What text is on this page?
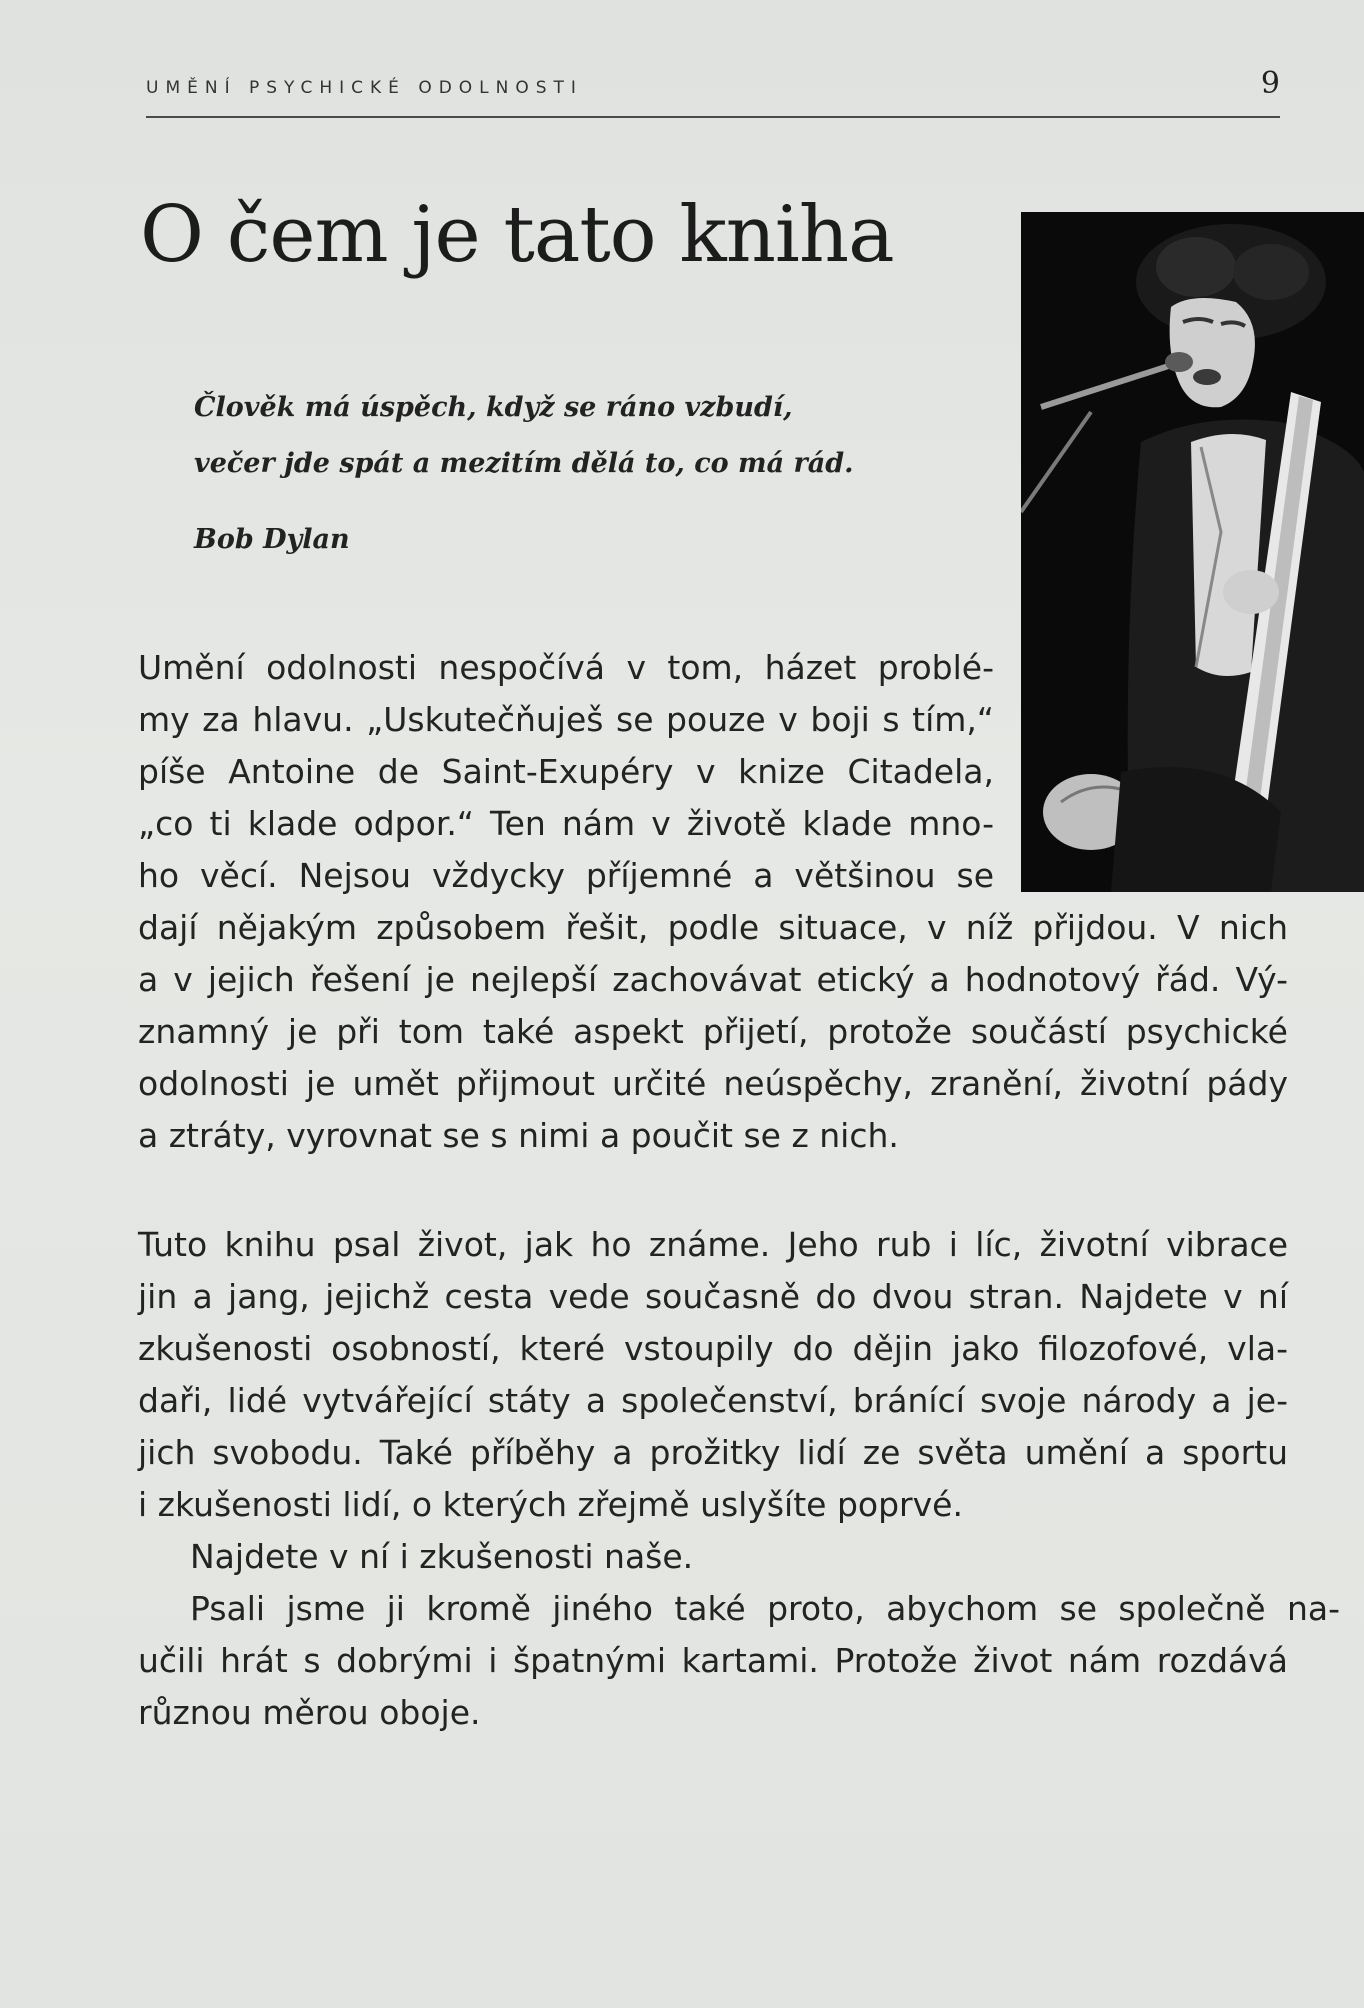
UMĚNÍ PSYCHICKÉ ODOLNOSTI	9
O čem je tato kniha
Člověk má úspěch, když se ráno vzbudí,
večer jde spát a mezitím dělá to, co má rád.
Bob Dylan
Umění odolnosti nespočívá v tom, házet problé-
my za hlavu. „Uskutečňuješ se pouze v boji s tím,“
píše Antoine de Saint-Exupéry v knize Citadela,
„co ti klade odpor.“ Ten nám v životě klade mno-
ho věcí. Nejsou vždycky příjemné a většinou se
dají nějakým způsobem řešit, podle situace, v níž přijdou. V nich
a v jejich řešení je nejlepší zachovávat etický a hodnotový řád. Vý-
znamný je při tom také aspekt přijetí, protože součástí psychické
odolnosti je umět přijmout určité neúspěchy, zranění, životní pády
a ztráty, vyrovnat se s nimi a poučit se z nich.
Tuto knihu psal život, jak ho známe. Jeho rub i líc, životní vibrace
jin a jang, jejichž cesta vede současně do dvou stran. Najdete v ní
zkušenosti osobností, které vstoupily do dějin jako filozofové, vla-
daři, lidé vytvářející státy a společenství, bránící svoje národy a je-
jich svobodu. Také příběhy a prožitky lidí ze světa umění a sportu
i zkušenosti lidí, o kterých zřejmě uslyšíte poprvé.
Najdete v ní i zkušenosti naše.
Psali jsme ji kromě jiného také proto, abychom se společně na-
učili hrát s dobrými i špatnými kartami. Protože život nám rozdává
různou měrou oboje.
